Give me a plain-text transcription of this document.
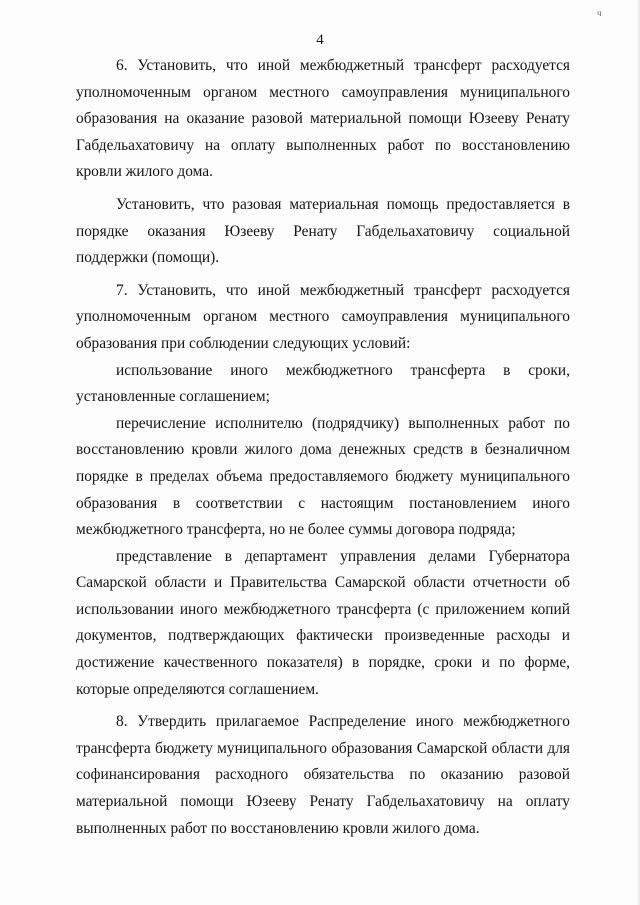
ч
4

6. Установить, что иной межбюджетный трансферт расходуется уполномоченным органом местного самоуправления муниципального образования на оказание разовой материальной помощи Юзееву Ренату Габдельахатовичу на оплату выполненных работ по восстановлению кровли жилого дома.

Установить, что разовая материальная помощь предоставляется в порядке оказания Юзееву Ренату Габдельахатовичу социальной поддержки (помощи).

7. Установить, что иной межбюджетный трансферт расходуется уполномоченным органом местного самоуправления муниципального образования при соблюдении следующих условий:

использование иного межбюджетного трансферта в сроки, установленные соглашением;

перечисление исполнителю (подрядчику) выполненных работ по восстановлению кровли жилого дома денежных средств в безналичном порядке в пределах объема предоставляемого бюджету муниципального образования в соответствии с настоящим постановлением иного межбюджетного трансферта, но не более суммы договора подряда;

представление в департамент управления делами Губернатора Самарской области и Правительства Самарской области отчетности об использовании иного межбюджетного трансферта (с приложением копий документов, подтверждающих фактически произведенные расходы и достижение качественного показателя) в порядке, сроки и по форме, которые определяются соглашением.

8. Утвердить прилагаемое Распределение иного межбюджетного трансферта бюджету муниципального образования Самарской области для софинансирования расходного обязательства по оказанию разовой материальной помощи Юзееву Ренату Габдельахатовичу на оплату выполненных работ по восстановлению кровли жилого дома.
